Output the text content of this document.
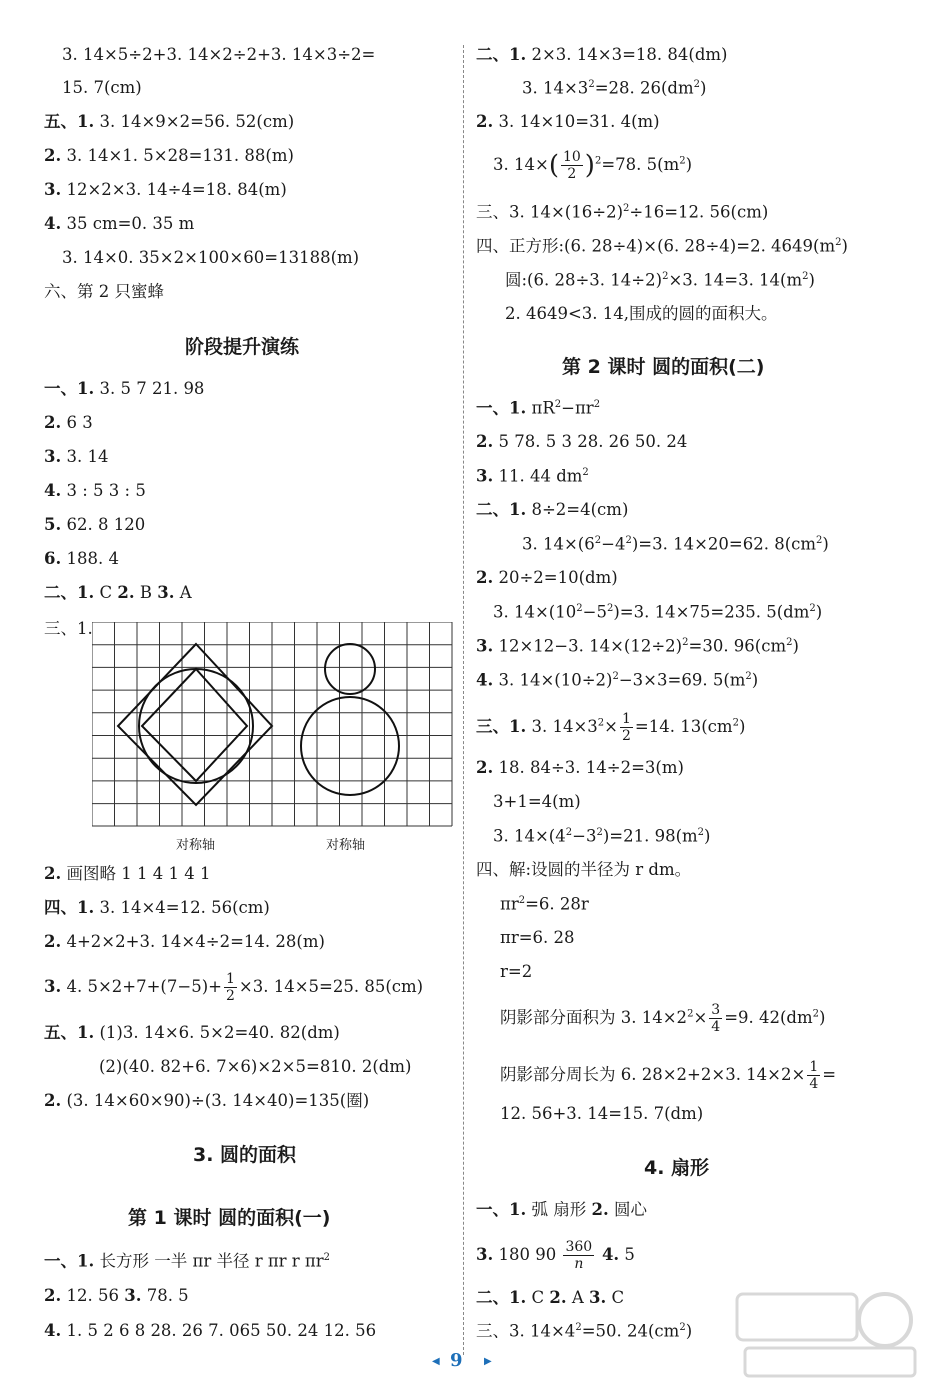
3. 14×5÷2+3. 14×2÷2+3. 14×3÷2=
15. 7(cm)
五、1. 3. 14×9×2=56. 52(cm)
2. 3. 14×1. 5×28=131. 88(m)
3. 12×2×3. 14÷4=18. 84(m)
4. 35 cm=0. 35 m
3. 14×0. 35×2×100×60=13188(m)
六、第 2 只蜜蜂
阶段提升演练
一、1. 3. 5 7 21. 98
2. 6 3
3. 3. 14
4. 3 : 5 3 : 5
5. 62. 8 120
6. 188. 4
二、1. C 2. B 3. A
三、1.
对称轴	对称轴
2. 画图略 1 1 4 1 4 1
四、1. 3. 14×4=12. 56(cm)
2. 4+2×2+3. 14×4÷2=14. 28(m)
3. 4. $5\times 2+7+(7-5)+ \frac{1}{2} \times 3$. 14×5=25. 85(cm)
五、1. (1)3. 14×6. 5×2=40. 82(dm)
(2)(40. 82+6. 7×6)×2×5=810. 2(dm)
2. (3. 14×60×90)÷(3. 14×40)=135(圈)
3. 圆的面积
第 1 课时 圆的面积(一)
一、1. 长方形 一半 πr 半径 r πr r $\pi r^2$
2. 12. 56 3. 78. 5
4. 1. 5 2 6 8 28. 26 7. 065 50. 24 12. 56
二、1. 2×3. 14×3=18. 84(dm)
3. $14\times 3^2=28$. $26(dm^2)$
2. 3. 14×10=31. 4(m)
3. $14\times( \frac{10}{2} )^2=78$. $5(m^2)$
三、3. $14\times(16\div 2)^2\div 16=12$. 56(cm)
四、正方形:(6. 28÷4)×(6. 28÷4)=2. $4649(m^2)$
圆:(6. 28÷3. 14÷2)$^2$×3. 14=3. $14(m^2)$
2. 4649<3. 14,围成的圆的面积大。
第 2 课时 圆的面积(二)
一、1. $\pi R^2-\pi r^2$
2. 5 78. 5 3 28. 26 50. 24
3. 11. 44 $dm^2$
二、1. 8÷2=4(cm)
3. $14\times(6^2-4^2)=3$. 14×20=62. $8(cm^2)$
2. 20÷2=10(dm)
3. $14\times(10^2-5^2)=3$. 14×75=235. $5(dm^2)$
3. 12×12−3. $14\times(12\div 2)^2=30$. $96(cm^2)$
4. 3. $14\times(10\div 2)^2-3\times 3=69$. $5(m^2)$
三、1. 3. $14\times 3^2\times \frac{1}{2} =14$. $13(cm^2)$
2. 18. 84÷3. 14÷2=3(m)
3+1=4(m)
3. $14\times(4^2-3^2)=21$. $98(m^2)$
四、解:设圆的半径为 r dm。
$\pi r^2=6$. 28r
πr=6. 28
r=2
阴影部分面积为 3. $14\times 2^2\times \frac{3}{4} =9$. $42(dm^2)$
阴影部分周长为 6. 28×2+2×3. $14\times 2\times \frac{1}{4}$ =
12. 56+3. 14=15. 7(dm)
4. 扇形
一、1. 弧 扇形 2. 圆心
3. 180 $90 \frac{360}{n} 4$. 5
二、1. C 2. A 3. C
三、3. $14\times 4^2=50$. $24(cm^2)$
◀ 9 ▶
